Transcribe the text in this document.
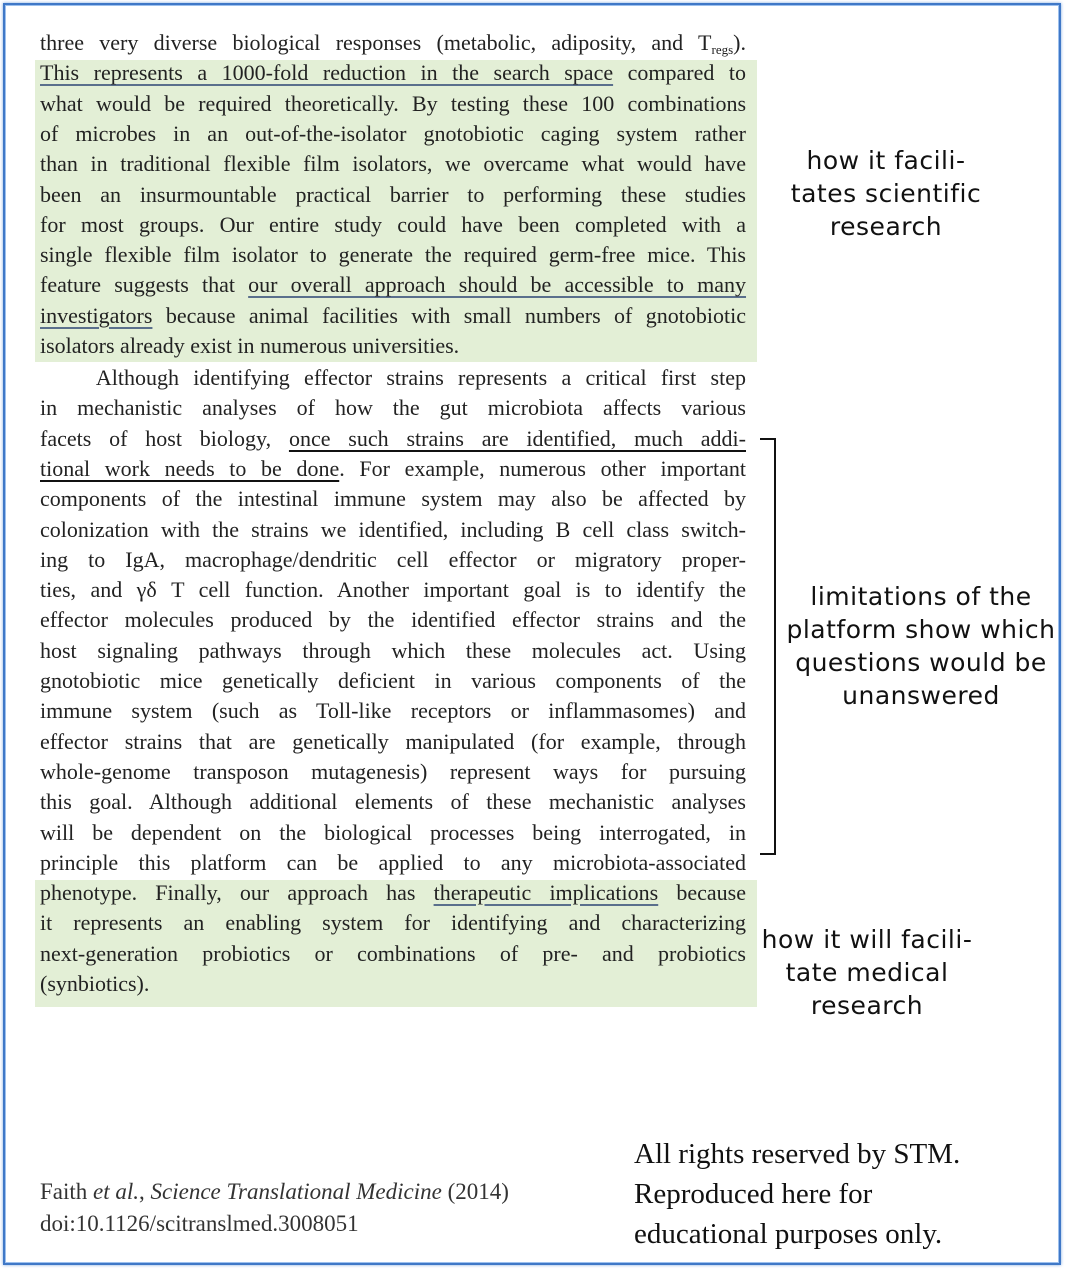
three very diverse biological responses (metabolic, adiposity, and $T_{regs}$).
This represents a 1000-fold reduction in the search space compared to
what would be required theoretically. By testing these 100 combinations
of microbes in an out-of-the-isolator gnotobiotic caging system rather
than in traditional flexible film isolators, we overcame what would have
been an insurmountable practical barrier to performing these studies
for most groups. Our entire study could have been completed with a
single flexible film isolator to generate the required germ-free mice. This
feature suggests that our overall approach should be accessible to many
investigators because animal facilities with small numbers of gnotobiotic
isolators already exist in numerous universities.
Although identifying effector strains represents a critical first step
in mechanistic analyses of how the gut microbiota affects various
facets of host biology, once such strains are identified, much addi-
tional work needs to be done. For example, numerous other important
components of the intestinal immune system may also be affected by
colonization with the strains we identified, including B cell class switch-
ing to IgA, macrophage/dendritic cell effector or migratory proper-
ties, and γδ T cell function. Another important goal is to identify the
effector molecules produced by the identified effector strains and the
host signaling pathways through which these molecules act. Using
gnotobiotic mice genetically deficient in various components of the
immune system (such as Toll-like receptors or inflammasomes) and
effector strains that are genetically manipulated (for example, through
whole-genome transposon mutagenesis) represent ways for pursuing
this goal. Although additional elements of these mechanistic analyses
will be dependent on the biological processes being interrogated, in
principle this platform can be applied to any microbiota-associated
phenotype. Finally, our approach has therapeutic implications because
it represents an enabling system for identifying and characterizing
next-generation probiotics or combinations of pre- and probiotics
(synbiotics).
how it facili-
tates scientific
research
limitations of the
platform show which
questions would be
unanswered
how it will facili-
tate medical
research
Faith et al., Science Translational Medicine (2014)
doi:10.1126/scitranslmed.3008051
All rights reserved by STM.
Reproduced here for
educational purposes only.
